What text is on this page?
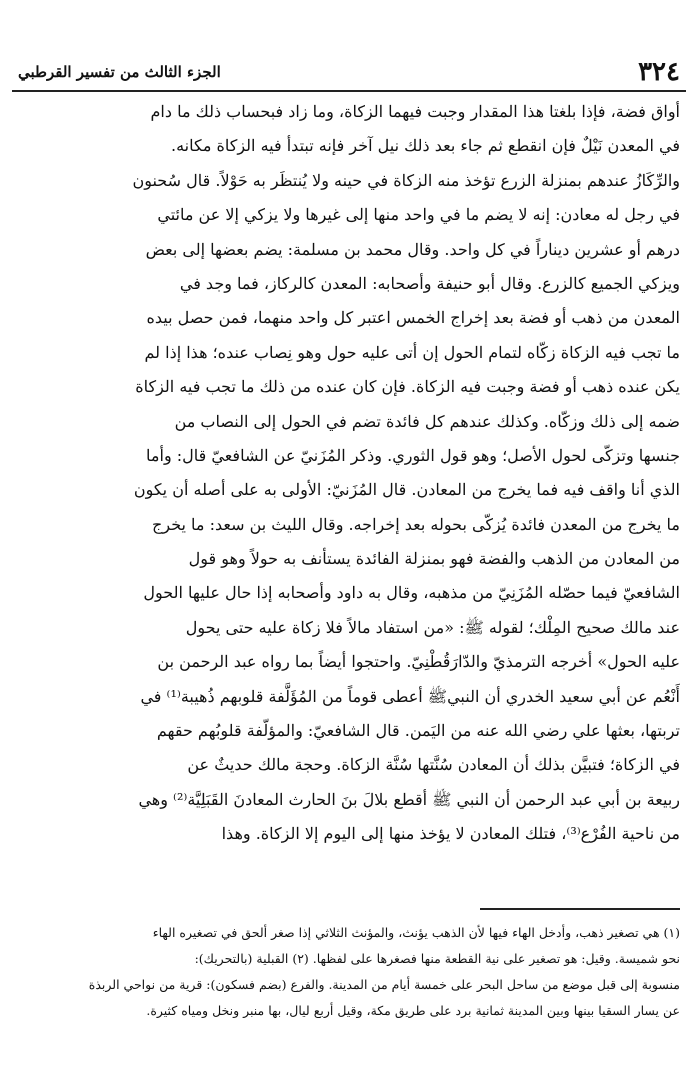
الجزء الثالث من تفسير القرطبي	٣٢٤
أواق فضة، فإذا بلغتا هذا المقدار وجبت فيهما الزكاة، وما زاد فبحساب ذلك ما دام
في المعدن نَيْلٌ فإن انقطع ثم جاء بعد ذلك نيل آخر فإنه تبتدأ فيه الزكاة مكانه.
والرِّكَازُ عندهم بمنزلة الزرع تؤخذ منه الزكاة في حينه ولا يُنتظَر به حَوْلاً. قال سُحنون
في رجل له معادن: إنه لا يضم ما في واحد منها إلى غيرها ولا يزكي إلا عن مائتي
درهم أو عشرين ديناراً في كل واحد. وقال محمد بن مسلمة: يضم بعضها إلى بعض
ويزكي الجميع كالزرع. وقال أبو حنيفة وأصحابه: المعدن كالركاز، فما وجد في
المعدن من ذهب أو فضة بعد إخراج الخمس اعتبر كل واحد منهما، فمن حصل بيده
ما تجب فيه الزكاة زكّاه لتمام الحول إن أتى عليه حول وهو نِصاب عنده؛ هذا إذا لم
يكن عنده ذهب أو فضة وجبت فيه الزكاة. فإن كان عنده من ذلك ما تجب فيه الزكاة
ضمه إلى ذلك وزكّاه. وكذلك عندهم كل فائدة تضم في الحول إلى النصاب من
جنسها وتزكّى لحول الأصل؛ وهو قول الثوري. وذكر المُزَنيّ عن الشافعيّ قال: وأما
الذي أنا واقف فيه فما يخرج من المعادن. قال المُزَنيّ: الأولى به على أصله أن يكون
ما يخرج من المعدن فائدة يُزكّى بحوله بعد إخراجه. وقال الليث بن سعد: ما يخرج
من المعادن من الذهب والفضة فهو بمنزلة الفائدة يستأنف به حولاً وهو قول
الشافعيّ فيما حصّله المُزَنِيّ من مذهبه، وقال به داود وأصحابه إذا حال عليها الحول
عند مالك صحيح المِلْك؛ لقوله ﷺ: «من استفاد مالاً فلا زكاة عليه حتى يحول
عليه الحول» أخرجه الترمذيّ والدّارَقُطْنِيّ. واحتجوا أيضاً بما رواه عبد الرحمن بن
أَنْعُم عن أبي سعيد الخدري أن النبيﷺ أعطى قوماً من المُؤَلَّفة قلوبهم ذُهيبة⁽¹⁾ في
تربتها، بعثها علي رضي الله عنه من اليَمن. قال الشافعيّ: والمؤلّفة قلوبُهم حقهم
في الزكاة؛ فتبيَّن بذلك أن المعادن سُنَّتها سُنَّة الزكاة. وحجة مالك حديثٌ عن
ربيعة بن أبي عبد الرحمن أن النبي ﷺ أقطع بلالَ بنَ الحارث المعادنَ القَبَلِيَّة⁽²⁾ وهي
من ناحية الفُرْع⁽³⁾، فتلك المعادن لا يؤخذ منها إلى اليوم إلا الزكاة. وهذا
(١) هي تصغير ذهب، وأدخل الهاء فيها لأن الذهب يؤنث، والمؤنث الثلاثي إذا صغر ألحق في تصغيره الهاء
نحو شميسة. وقيل: هو تصغير على نية القطعة منها فصغرها على لفظها. (٢) القبلية (بالتحريك):
منسوبة إلى قبل موضع من ساحل البحر على خمسة أيام من المدينة. والفرع (بضم فسكون): قرية من نواحي الربذة
عن يسار السقيا بينها وبين المدينة ثمانية برد على طريق مكة، وقيل أربع ليال، بها منبر ونخل ومياه كثيرة.
